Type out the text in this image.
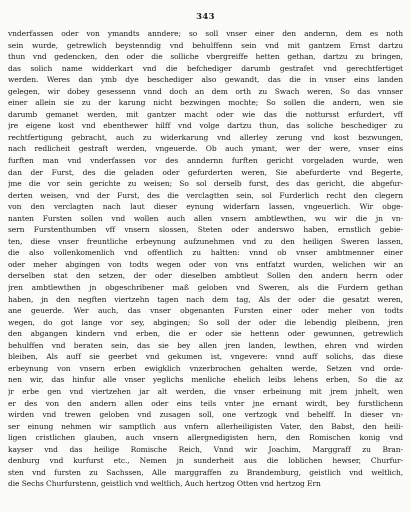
343
vnderfassen oder von ymandts anndere; so soll vnser einer den andernn, dem es noth
sein wurde, getrewlich beystenndig vnd behulffenn sein vnd mit gantzem Ernst dartzu
thun vnd gedencken, den oder die solliche vbergreiffe hetten gethan, dartzu zu bringen,
das solich name widderkart vnd die befchediger darumb gestrafet vnd gerechtfertiget
werden. Weres dan ymb dye beschediger also gewandt, das die in vnser eins landen
gelegen, wir dobey gesessenn vnnd doch an dem orth zu Swach weren, So das vnnser
einer allein sie zu der karung nicht bezwingen mochte; So sollen die andern, wen sie
darumb gemanet werden, mit gantzer macht oder wie das die nottursst erfurdert, vff
jre eigene kost vnd ebenthewer hilff vnd volge dartzu thun, das soliche beschediger zu
rechtfertigung gebracht, auch zu widerkarung vnd allerley zerung vnd kost bezwungen,
nach redlicheit gestraft werden, vngeuerde. Ob auch ymant, wer der were, vnser eins
furften man vnd vnderfassen vor des anndernn furften gericht vorgeladen wurde, wen
dan der Furst, des die geladen oder gefurderten weren, Sie abefurderte vnd Begerte,
jme die vor sein gerichte zu weisen; So sol derselb furst, des das gericht, die abgefur-
derten weisen, vnd der Furst, des die verclagtten sein, sol Furderlich recht den clegern
von den verclagten nach laut dieser eynung widerfarn lassen, vngeuerlich. Wir obge-
nanten Fursten sollen vnd wollen auch allen vnsern ambtlewthen, wu wir die jn vn-
sern Furstenthumben vff vnsern slossen, Steten oder anderswo haben, ernstlich gebie-
ten, diese vnser freuntliche erbeynung aufzunehmen vnd zu den heiligen Sweren lassen,
die also vollenkomenlich vnd offentlich zu haltten: vnnd ob vnser ambtmenner einer
oder meher abgingen von todts wegen oder von vns entfatzt wurden, welichen wir an
derselben stat den setzen, der oder dieselben ambtleut Sollen den andern herrn oder
jren ambtlewthen jn obgeschribener maß geloben vnd Sweren, als die Furdern gethan
haben, jn den negften viertzehn tagen nach dem tag, Als der oder die gesatzt weren,
ane geuerde. Wer auch, das vnser obgenanten Fursten einer oder meher von todts
wegen, do got lange vor sey, abgingen; So soll der oder die lebendig pleibenn, jren
den abgangen kindern vnd erben, die er oder sie hettenn oder gewunnen, getrewlich
behulffen vnd beraten sein, das sie bey allen jren landen, lewthen, ehren vnd wirden
bleiben, Als auff sie geerbet vnd gekumen ist, vngevere: vnnd auff solichs, das diese
erbeynung von vnsern erben ewigklich vnzerbrochen gehalten werde, Setzen vnd orde-
nen wir, das hinfur alle vnser yeglichs menliche ehelich leibs lehens erben, So die az
jr erbe gen vnd viertzehen jar alt werden, die vnser erbeinung mit jrem jnhelt, wen
er des von den andern allen oder eins teils vnter jne ernant wirdt, bey furstlichenn
wirden vnd trewen geloben vnd zusagen soll, one vertzogk vnd behelff. In dieser vn-
ser einung nehmen wir samptlich aus vnfern allerheiligisten Vater, den Babst, den heili-
ligen cristlichen glauben, auch vnsern allergnedigisten hern, den Romischen konig vnd
kayser vnd das heilige Romische Reich, Vnnd wir Joachim, Marggraff zu Bran-
denburg vnd kurfurst etc., Nemen jn sunderheit aus die loblichen hewser, Churfur-
sten vnd fursten zu Sachssen, Alle marggraffen zu Brandemburg, geistlich vnd weltlich,
die Sechs Churfurstenn, geistlich vnd weltlich, Auch hertzog Otten vnd hertzog Ern
